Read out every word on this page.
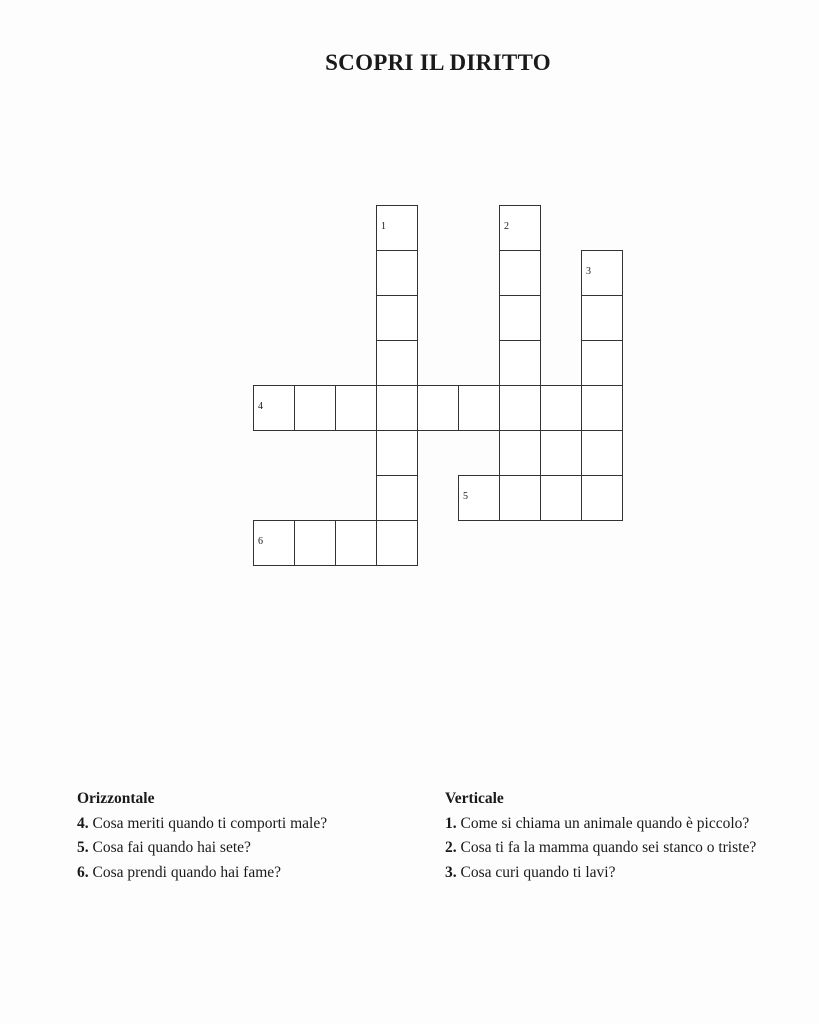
SCOPRI IL DIRITTO
1	2
3
4
5
6
Orizzontale
4. Cosa meriti quando ti comporti male?
5. Cosa fai quando hai sete?
6. Cosa prendi quando hai fame?
Verticale
1. Come si chiama un animale quando è piccolo?
2. Cosa ti fa la mamma quando sei stanco o triste?
3. Cosa curi quando ti lavi?
